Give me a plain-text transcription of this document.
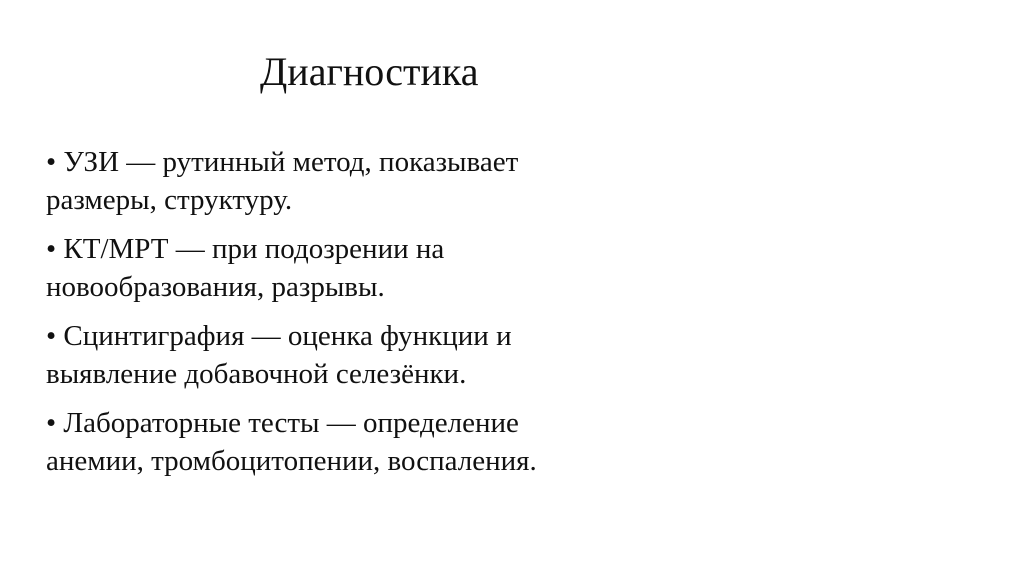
Диагностика
• УЗИ — рутинный метод, показывает
размеры, структуру.
• КТ/МРТ — при подозрении на
новообразования, разрывы.
• Сцинтиграфия — оценка функции и
выявление добавочной селезёнки.
• Лабораторные тесты — определение
анемии, тромбоцитопении, воспаления.
